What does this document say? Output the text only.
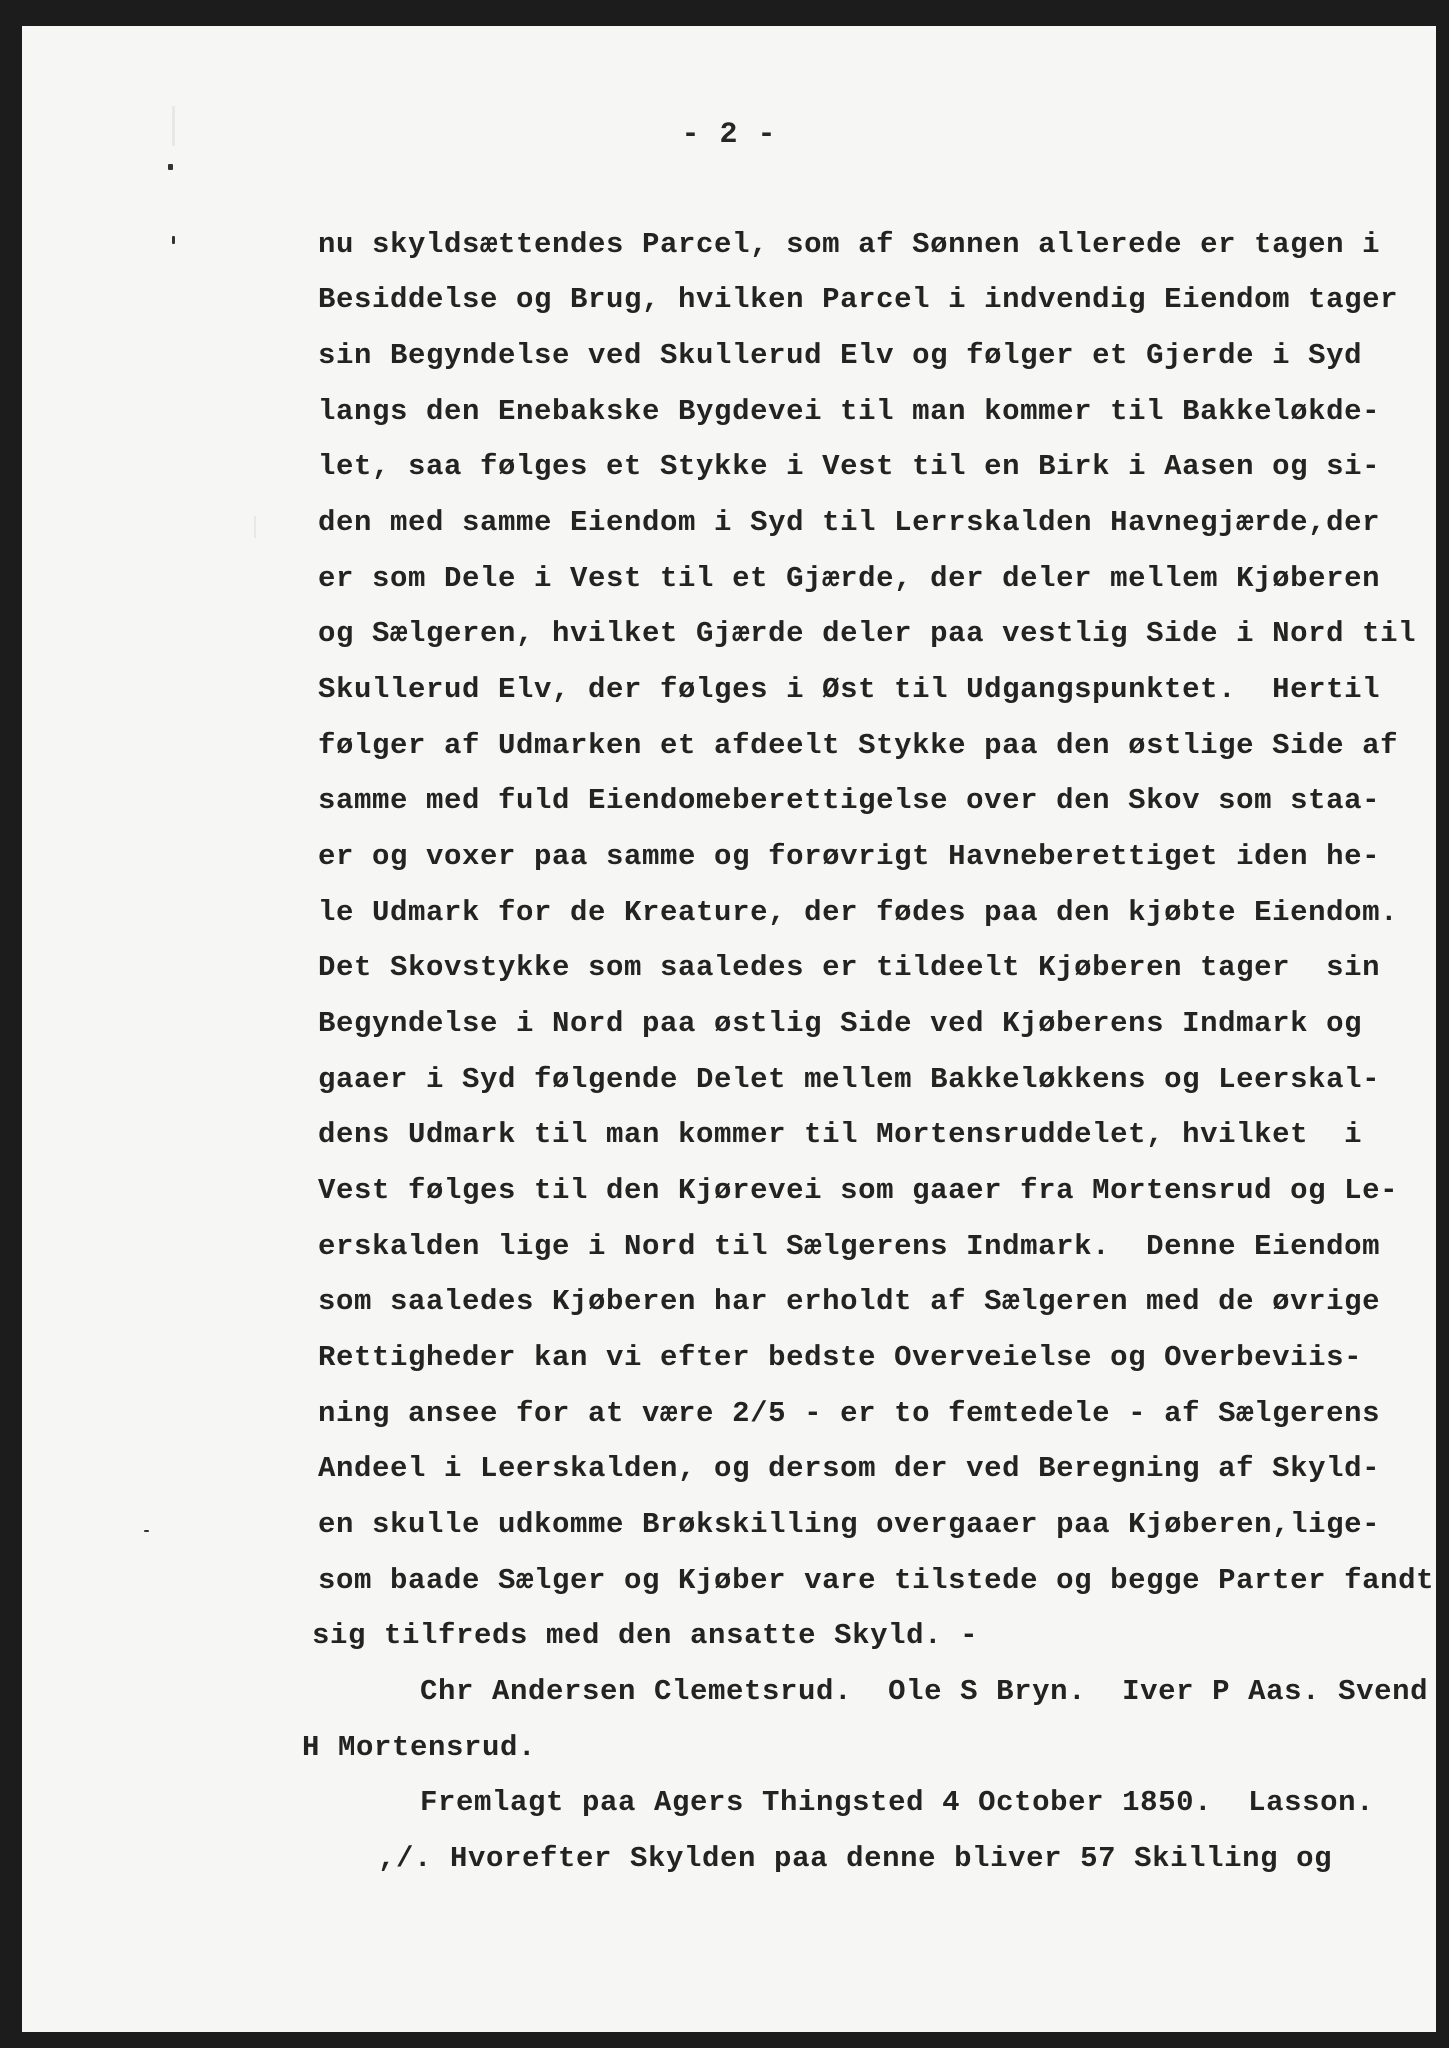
- 2 -
nu skyldsættendes Parcel, som af Sønnen allerede er tagen i
Besiddelse og Brug, hvilken Parcel i indvendig Eiendom tager
sin Begyndelse ved Skullerud Elv og følger et Gjerde i Syd
langs den Enebakske Bygdevei til man kommer til Bakkeløkde-
let, saa følges et Stykke i Vest til en Birk i Aasen og si-
den med samme Eiendom i Syd til Lerrskalden Havnegjærde,der
er som Dele i Vest til et Gjærde, der deler mellem Kjøberen
og Sælgeren, hvilket Gjærde deler paa vestlig Side i Nord til
Skullerud Elv, der følges i Øst til Udgangspunktet.  Hertil
følger af Udmarken et afdeelt Stykke paa den østlige Side af
samme med fuld Eiendomeberettigelse over den Skov som staa-
er og voxer paa samme og forøvrigt Havneberettiget iden he-
le Udmark for de Kreature, der fødes paa den kjøbte Eiendom.
Det Skovstykke som saaledes er tildeelt Kjøberen tager  sin
Begyndelse i Nord paa østlig Side ved Kjøberens Indmark og
gaaer i Syd følgende Delet mellem Bakkeløkkens og Leerskal-
dens Udmark til man kommer til Mortensruddelet, hvilket  i
Vest følges til den Kjørevei som gaaer fra Mortensrud og Le-
erskalden lige i Nord til Sælgerens Indmark.  Denne Eiendom
som saaledes Kjøberen har erholdt af Sælgeren med de øvrige
Rettigheder kan vi efter bedste Overveielse og Overbeviis-
ning ansee for at være 2/5 - er to femtedele - af Sælgerens
Andeel i Leerskalden, og dersom der ved Beregning af Skyld-
en skulle udkomme Brøkskilling overgaaer paa Kjøberen,lige-
som baade Sælger og Kjøber vare tilstede og begge Parter fandt
sig tilfreds med den ansatte Skyld. -
Chr Andersen Clemetsrud.  Ole S Bryn.  Iver P Aas. Svend
H Mortensrud.
Fremlagt paa Agers Thingsted 4 October 1850.  Lasson.
,/. Hvorefter Skylden paa denne bliver 57 Skilling og
